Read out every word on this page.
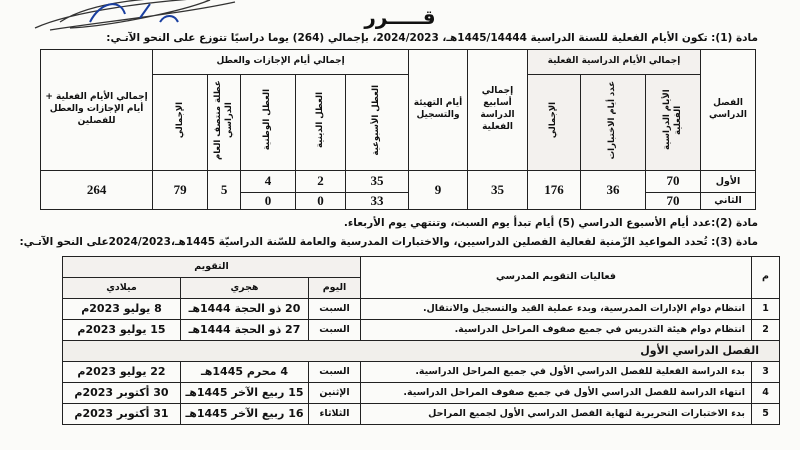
قـــــرر
مادة (1): تكون الأيام الفعلية للسنة الدراسية 1445/14444هـ، 2024/2023، بإجمالي (264) يوما دراسيًا تتوزع على النحو الآتـي:
الفصل الدراسي	إجمالي الأيام الدراسية الفعلية			إجمالي أسابيع الدراسة الفعلية	أيام التهيئة والتسجيل	إجمالي أيام الإجازات والعطل					إجمالي الأيام الفعلية + أيام الإجازات والعطل للفصلين
	الأيام الدراسية الفعلية	عدد أيام الاختبارات	الإجمالي			العطل الأسبوعية	العطل الدينية	العطل الوطنية	عطلة منتصف العام الدراسي	الإجمالي	
الأول	70	36	176	35	9	35	2	4	5	79	264
الثاني	70					33	0	0			
مادة (2):عدد أيام الأسبوع الدراسي (5) أيام تبدأ يوم السبت، وتنتهي يوم الأربعاء.
مادة (3): تُحدد المواعيد الزّمنية لفعالية الفصلين الدراسيين، والاختبارات المدرسية والعامة للسّنة الدراسيّة 1445هـ،2024/2023على النحو الآتـي:
م	فعاليات التقويم المدرسي	التقويم		
		اليوم	هجري	ميلادي
1	انتظام دوام الإدارات المدرسية، وبدء عملية القيد والتسجيل والانتقال.	السبت	20 ذو الحجة 1444هـ	8 يوليو 2023م
2	انتظام دوام هيئة التدريس في جميع صفوف المراحل الدراسية.	السبت	27 ذو الحجة 1444هـ	15 يوليو 2023م
الفصل الدراسي الأول				
3	بدء الدراسة الفعلية للفصل الدراسي الأول في جميع المراحل الدراسية.	السبت	4 محرم 1445هـ	22 يوليو 2023م
4	انتهاء الدراسة للفصل الدراسي الأول في جميع صفوف المراحل الدراسية.	الإثنين	15 ربيع الآخر 1445هـ	30 أكتوبر 2023م
5	بدء الاختبارات التحريرية لنهاية الفصل الدراسي الأول لجميع المراحل	الثلاثاء	16 ربيع الآخر 1445هـ	31 أكتوبر 2023م
